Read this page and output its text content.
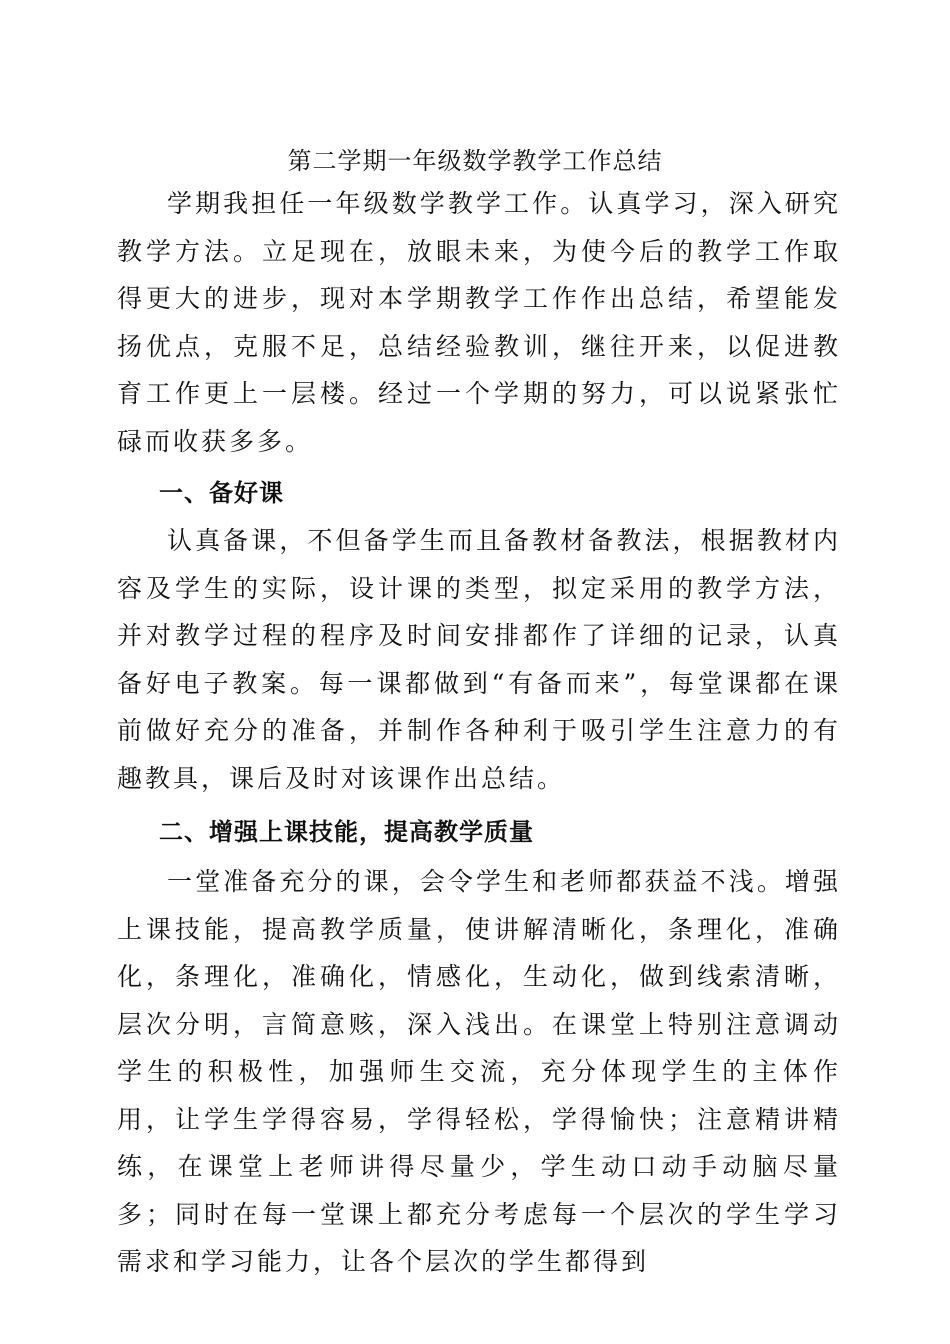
第二学期一年级数学教学工作总结

学期我担任一年级数学教学工作。认真学习，深入研究教学方法。立足现在，放眼未来，为使今后的教学工作取得更大的进步，现对本学期教学工作作出总结，希望能发扬优点，克服不足，总结经验教训，继往开来，以促进教育工作更上一层楼。经过一个学期的努力，可以说紧张忙碌而收获多多。

一、备好课

认真备课，不但备学生而且备教材备教法，根据教材内容及学生的实际，设计课的类型，拟定采用的教学方法，并对教学过程的程序及时间安排都作了详细的记录，认真备好电子教案。每一课都做到“有备而来”，每堂课都在课前做好充分的准备，并制作各种利于吸引学生注意力的有趣教具，课后及时对该课作出总结。

二、增强上课技能，提高教学质量

一堂准备充分的课，会令学生和老师都获益不浅。增强上课技能，提高教学质量，使讲解清晰化，条理化，准确化，条理化，准确化，情感化，生动化，做到线索清晰，层次分明，言简意赅，深入浅出。在课堂上特别注意调动学生的积极性，加强师生交流，充分体现学生的主体作用，让学生学得容易，学得轻松，学得愉快；注意精讲精练，在课堂上老师讲得尽量少，学生动口动手动脑尽量多；同时在每一堂课上都充分考虑每一个层次的学生学习需求和学习能力，让各个层次的学生都得到
